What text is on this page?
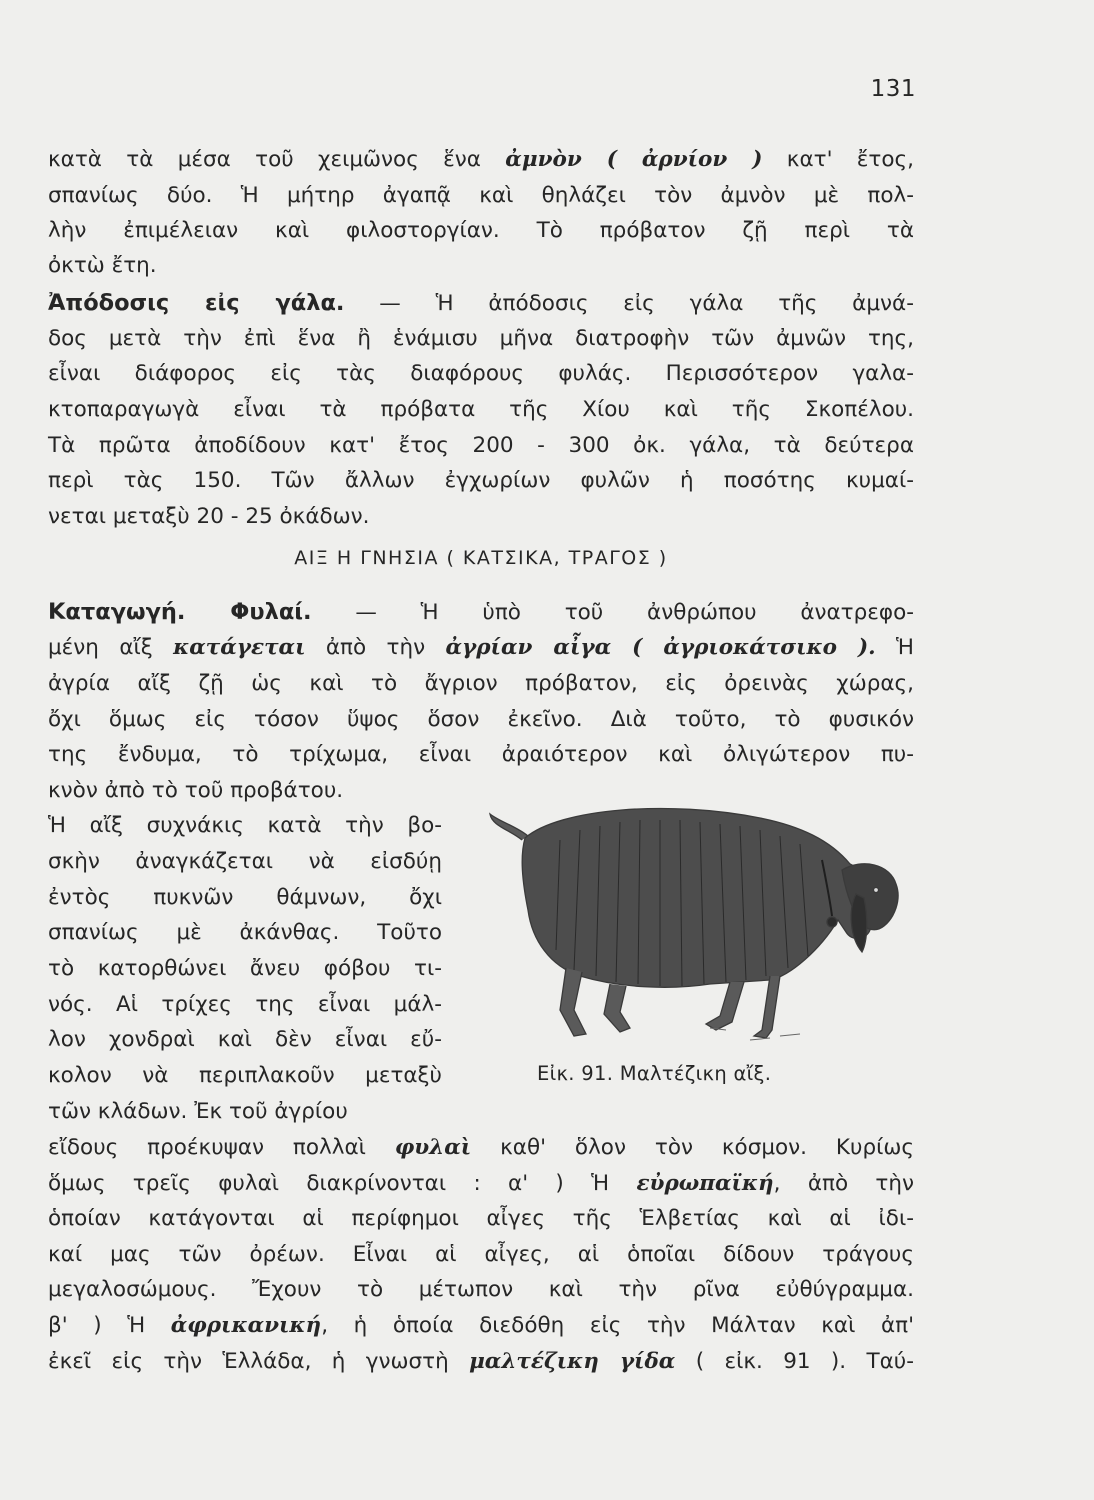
131
κατὰ τὰ μέσα τοῦ χειμῶνος ἕνα ἀμνὸν ( ἀρνίον ) κατ' ἔτος,
σπανίως δύο. Ἡ μήτηρ ἀγαπᾷ καὶ θηλάζει τὸν ἀμνὸν μὲ πολ-
λὴν ἐπιμέλειαν καὶ φιλοστοργίαν. Τὸ πρόβατον ζῇ περὶ τὰ
ὀκτὼ ἔτη.
Ἀπόδοσις εἰς γάλα. — Ἡ ἀπόδοσις εἰς γάλα τῆς ἀμνά-
δος μετὰ τὴν ἐπὶ ἕνα ἢ ἑνάμισυ μῆνα διατροφὴν τῶν ἀμνῶν της,
εἶναι διάφορος εἰς τὰς διαφόρους φυλάς. Περισσότερον γαλα-
κτοπαραγωγὰ εἶναι τὰ πρόβατα τῆς Χίου καὶ τῆς Σκοπέλου.
Τὰ πρῶτα ἀποδίδουν κατ' ἔτος 200 - 300 ὀκ. γάλα, τὰ δεύτερα
περὶ τὰς 150. Τῶν ἄλλων ἐγχωρίων φυλῶν ἡ ποσότης κυμαί-
νεται μεταξὺ 20 - 25 ὀκάδων.
ΑΙΞ Η ΓΝΗΣΙΑ ( ΚΑΤΣΙΚΑ, ΤΡΑΓΟΣ )
Καταγωγή. Φυλαί. — Ἡ ὑπὸ τοῦ ἀνθρώπου ἀνατρεφο-
μένη αἴξ κατάγεται ἀπὸ τὴν ἀγρίαν αἶγα ( ἀγριοκάτσικο ). Ἡ
ἀγρία αἴξ ζῇ ὡς καὶ τὸ ἄγριον πρόβατον, εἰς ὀρεινὰς χώρας,
ὄχι ὅμως εἰς τόσον ὕψος ὅσον ἐκεῖνο. Διὰ τοῦτο, τὸ φυσικόν
της ἔνδυμα, τὸ τρίχωμα, εἶναι ἀραιότερον καὶ ὀλιγώτερον πυ-
κνὸν ἀπὸ τὸ τοῦ προβάτου.
Ἡ αἴξ συχνάκις κατὰ τὴν βο-
σκὴν ἀναγκάζεται νὰ εἰσδύῃ
ἐντὸς πυκνῶν θάμνων, ὄχι
σπανίως μὲ ἀκάνθας. Τοῦτο
τὸ κατορθώνει ἄνευ φόβου τι-
νός. Αἱ τρίχες της εἶναι μάλ-
λον χονδραὶ καὶ δὲν εἶναι εὔ-
κολον νὰ περιπλακοῦν μεταξὺ
τῶν κλάδων. Ἐκ τοῦ ἀγρίου
εἴδους προέκυψαν πολλαὶ φυλαὶ καθ' ὅλον τὸν κόσμον. Κυρίως
ὅμως τρεῖς φυλαὶ διακρίνονται : α' ) Ἡ εὐρωπαϊκή, ἀπὸ τὴν
ὁποίαν κατάγονται αἱ περίφημοι αἶγες τῆς Ἑλβετίας καὶ αἱ ἰδι-
καί μας τῶν ὀρέων. Εἶναι αἱ αἶγες, αἱ ὁποῖαι δίδουν τράγους
μεγαλοσώμους. Ἔχουν τὸ μέτωπον καὶ τὴν ρῖνα εὐθύγραμμα.
β' ) Ἡ ἀφρικανική, ἡ ὁποία διεδόθη εἰς τὴν Μάλταν καὶ ἀπ'
ἐκεῖ εἰς τὴν Ἑλλάδα, ἡ γνωστὴ μαλτέζικη γίδα ( εἰκ. 91 ). Ταύ-
Εἰκ. 91. Μαλτέζικη αἴξ.
